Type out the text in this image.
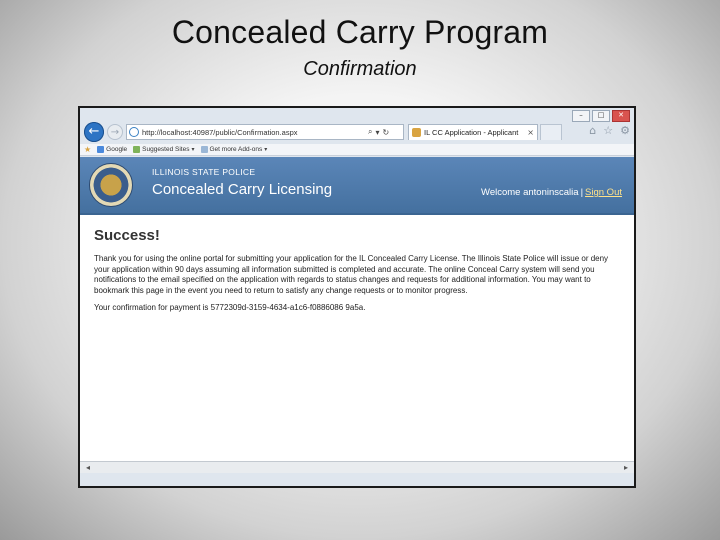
Concealed Carry Program
Confirmation
–	□	✕
←	→	http://localhost:40987/public/Confirmation.aspx	⌕ ▾ ↻	IL CC Application - Applicant	×	⌂ ☆ ⚙
★ Google Suggested Sites ▾ Get more Add-ons ▾
ILLINOIS STATE POLICE
Concealed Carry Licensing	Welcome antoninscalia | Sign Out
Success!

Thank you for using the online portal for submitting your application for the IL Concealed Carry License. The Illinois State Police will issue or deny your application within 90 days assuming all information submitted is completed and accurate. The online Conceal Carry system will send you notifications to the email specified on the application with regards to status changes and requests for additional information. You may want to bookmark this page in the event you need to return to satisfy any change requests or to monitor progress.

Your confirmation for payment is 5772309d-3159-4634-a1c6-f0886086 9a5a.

◂	▸
